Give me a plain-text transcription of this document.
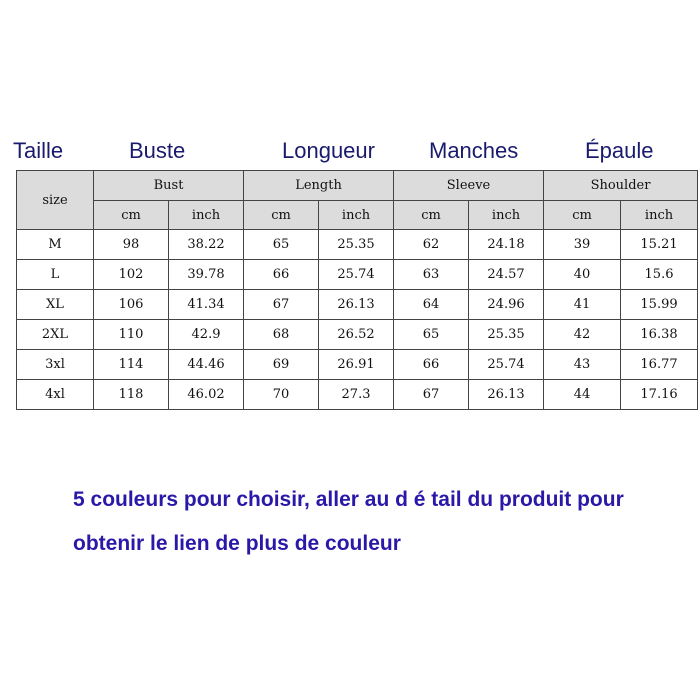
Taille	Buste	Longueur Manches	Épaule
size	Bust		Length		Sleeve		Shoulder	
	cm	inch	cm	inch	cm	inch	cm	inch
M	98	38.22	65	25.35	62	24.18	39	15.21
L	102	39.78	66	25.74	63	24.57	40	15.6
XL	106	41.34	67	26.13	64	24.96	41	15.99
2XL	110	42.9	68	26.52	65	25.35	42	16.38
3xl	114	44.46	69	26.91	66	25.74	43	16.77
4xl	118	46.02	70	27.3	67	26.13	44	17.16
5 couleurs pour choisir, aller au d é tail du produit pour
obtenir le lien de plus de couleur
